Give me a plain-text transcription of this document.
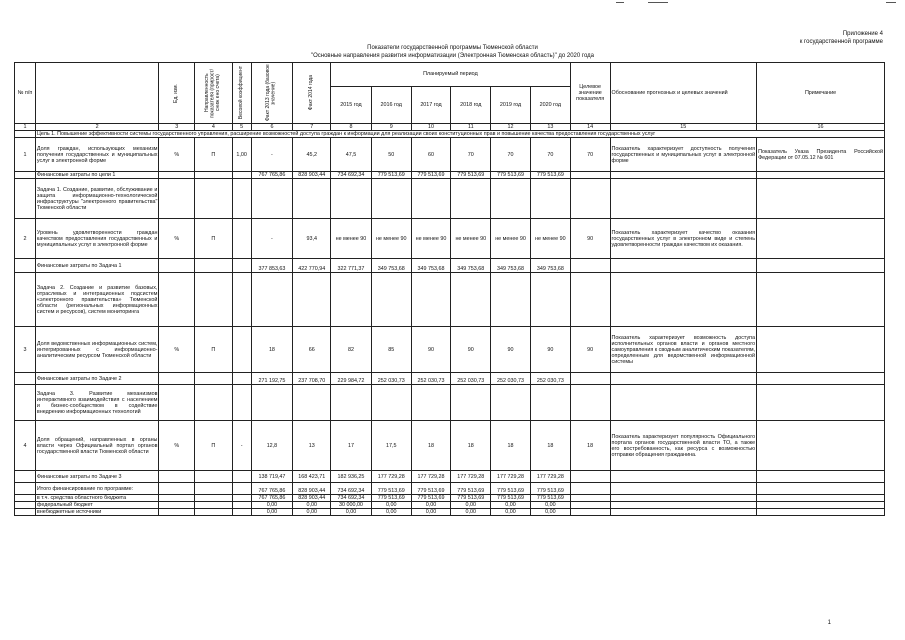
Приложение 4
к государственной программе
Показатели государственной программы Тюменской области
"Основные направления развития информатизации (Электронная Тюменская область)" до 2020 года
№ п/п		Ед. изм.	Направленность показателя (прирост/сниж ено счета)	Весовой коэффициент	Факт 2013 года (базовое значение)	Факт 2014 года	Планируемый период						Целевое значение показателя	Обоснование прогнозных и целевых значений	Примечание
							2015 год	2016 год	2017 год	2018 год	2019 год	2020 год			
1	2	3	4	5	6	7	8	9	10	11	12	13	14	15	16
	Цель 1. Повышение эффективности системы государственного управления, расширение возможностей доступа граждан к информации для реализации своих конституционных прав и повышение качества предоставления государственных услуг														
1	Доля граждан, использующих механизм получения государственных и муниципальных услуг в электронной форме	%	П	1,00	-	45,2	47,5	50	60	70	70	70	70	Показатель характеризует доступность получения государственных и муниципальных услуг в электронной форме	Показатель Указа Президента Российской Федерации от 07.05.12 № 601
	Финансовые затраты по цели 1				767 765,86	828 903,44	734 692,34	779 513,69	779 513,69	779 513,69	779 513,69	779 513,69			
	Задача 1. Создание, развитие, обслуживание и защита информационно-технологической инфраструктуры "электронного правительства" Тюменской области														
2	Уровень удовлетворенности граждан качеством предоставления государственных и муниципальных услуг в электронной форме	%	П		-	93,4	не менее 90	не менее 90	не менее 90	не менее 90	не менее 90	не менее 90	90	Показатель характеризует качество оказания государственных услуг в электронном виде и степень удовлетворенности граждан качеством их оказания.	
	Финансовые затраты по Задача 1				377 853,63	422 770,94	322 771,37	349 753,68	349 753,68	349 753,68	349 753,68	349 753,68			
	Задача 2. Создание и развитие базовых, отраслевых и интеграционных подсистем «электронного правительства» Тюменской области (региональных информационных систем и ресурсов), систем мониторинга														
3	Доля ведомственных информационных систем, интегрированных с информационно-аналитическим ресурсом Тюменской области	%	П		18	66	82	85	90	90	90	90	90	Показатель характеризует возможность доступа исполнительных органов власти и органов местного самоуправления к сводным аналитическим показателям, определенным для ведомственной информационной системы	
	Финансовые затраты по Задаче 2				271 192,75	237 708,70	229 984,72	252 030,73	252 030,73	252 030,73	252 030,73	252 030,73			
	Задача 3. Развитие механизмов интерактивного взаимодействия с населением и бизнес-сообществом в содействие внедрению информационных технологий														
4	Доля обращений, направленных в органы власти через Официальный портал органов государственной власти Тюменской области	%	П	-	12,8	13	17	17,5	18	18	18	18	18	Показатель характеризует популярность Официального портала органов государственной власти ТО, а также его востребованность, как ресурса с возможностью отправки обращения гражданина.	
	Финансовые затраты по Задаче 3				138 719,47	168 423,71	182 936,25	177 729,28	177 729,28	177 729,28	177 729,28	177 729,28			
	Итого финансирование по программе:				767 765,86	828 903,44	734 692,34	779 513,69	779 513,69	779 513,69	779 513,69	779 513,69			
	в т.ч. средства областного бюджета				767 765,86	828 903,44	734 692,34	779 513,69	779 513,69	779 513,69	779 513,69	779 513,69			
	федеральный бюджет				0,00	0,00	30 000,00	0,00	0,00	0,00	0,00	0,00			
	внебюджетные источники				0,00	0,00	0,00	0,00	0,00	0,00	0,00	0,00			
1
